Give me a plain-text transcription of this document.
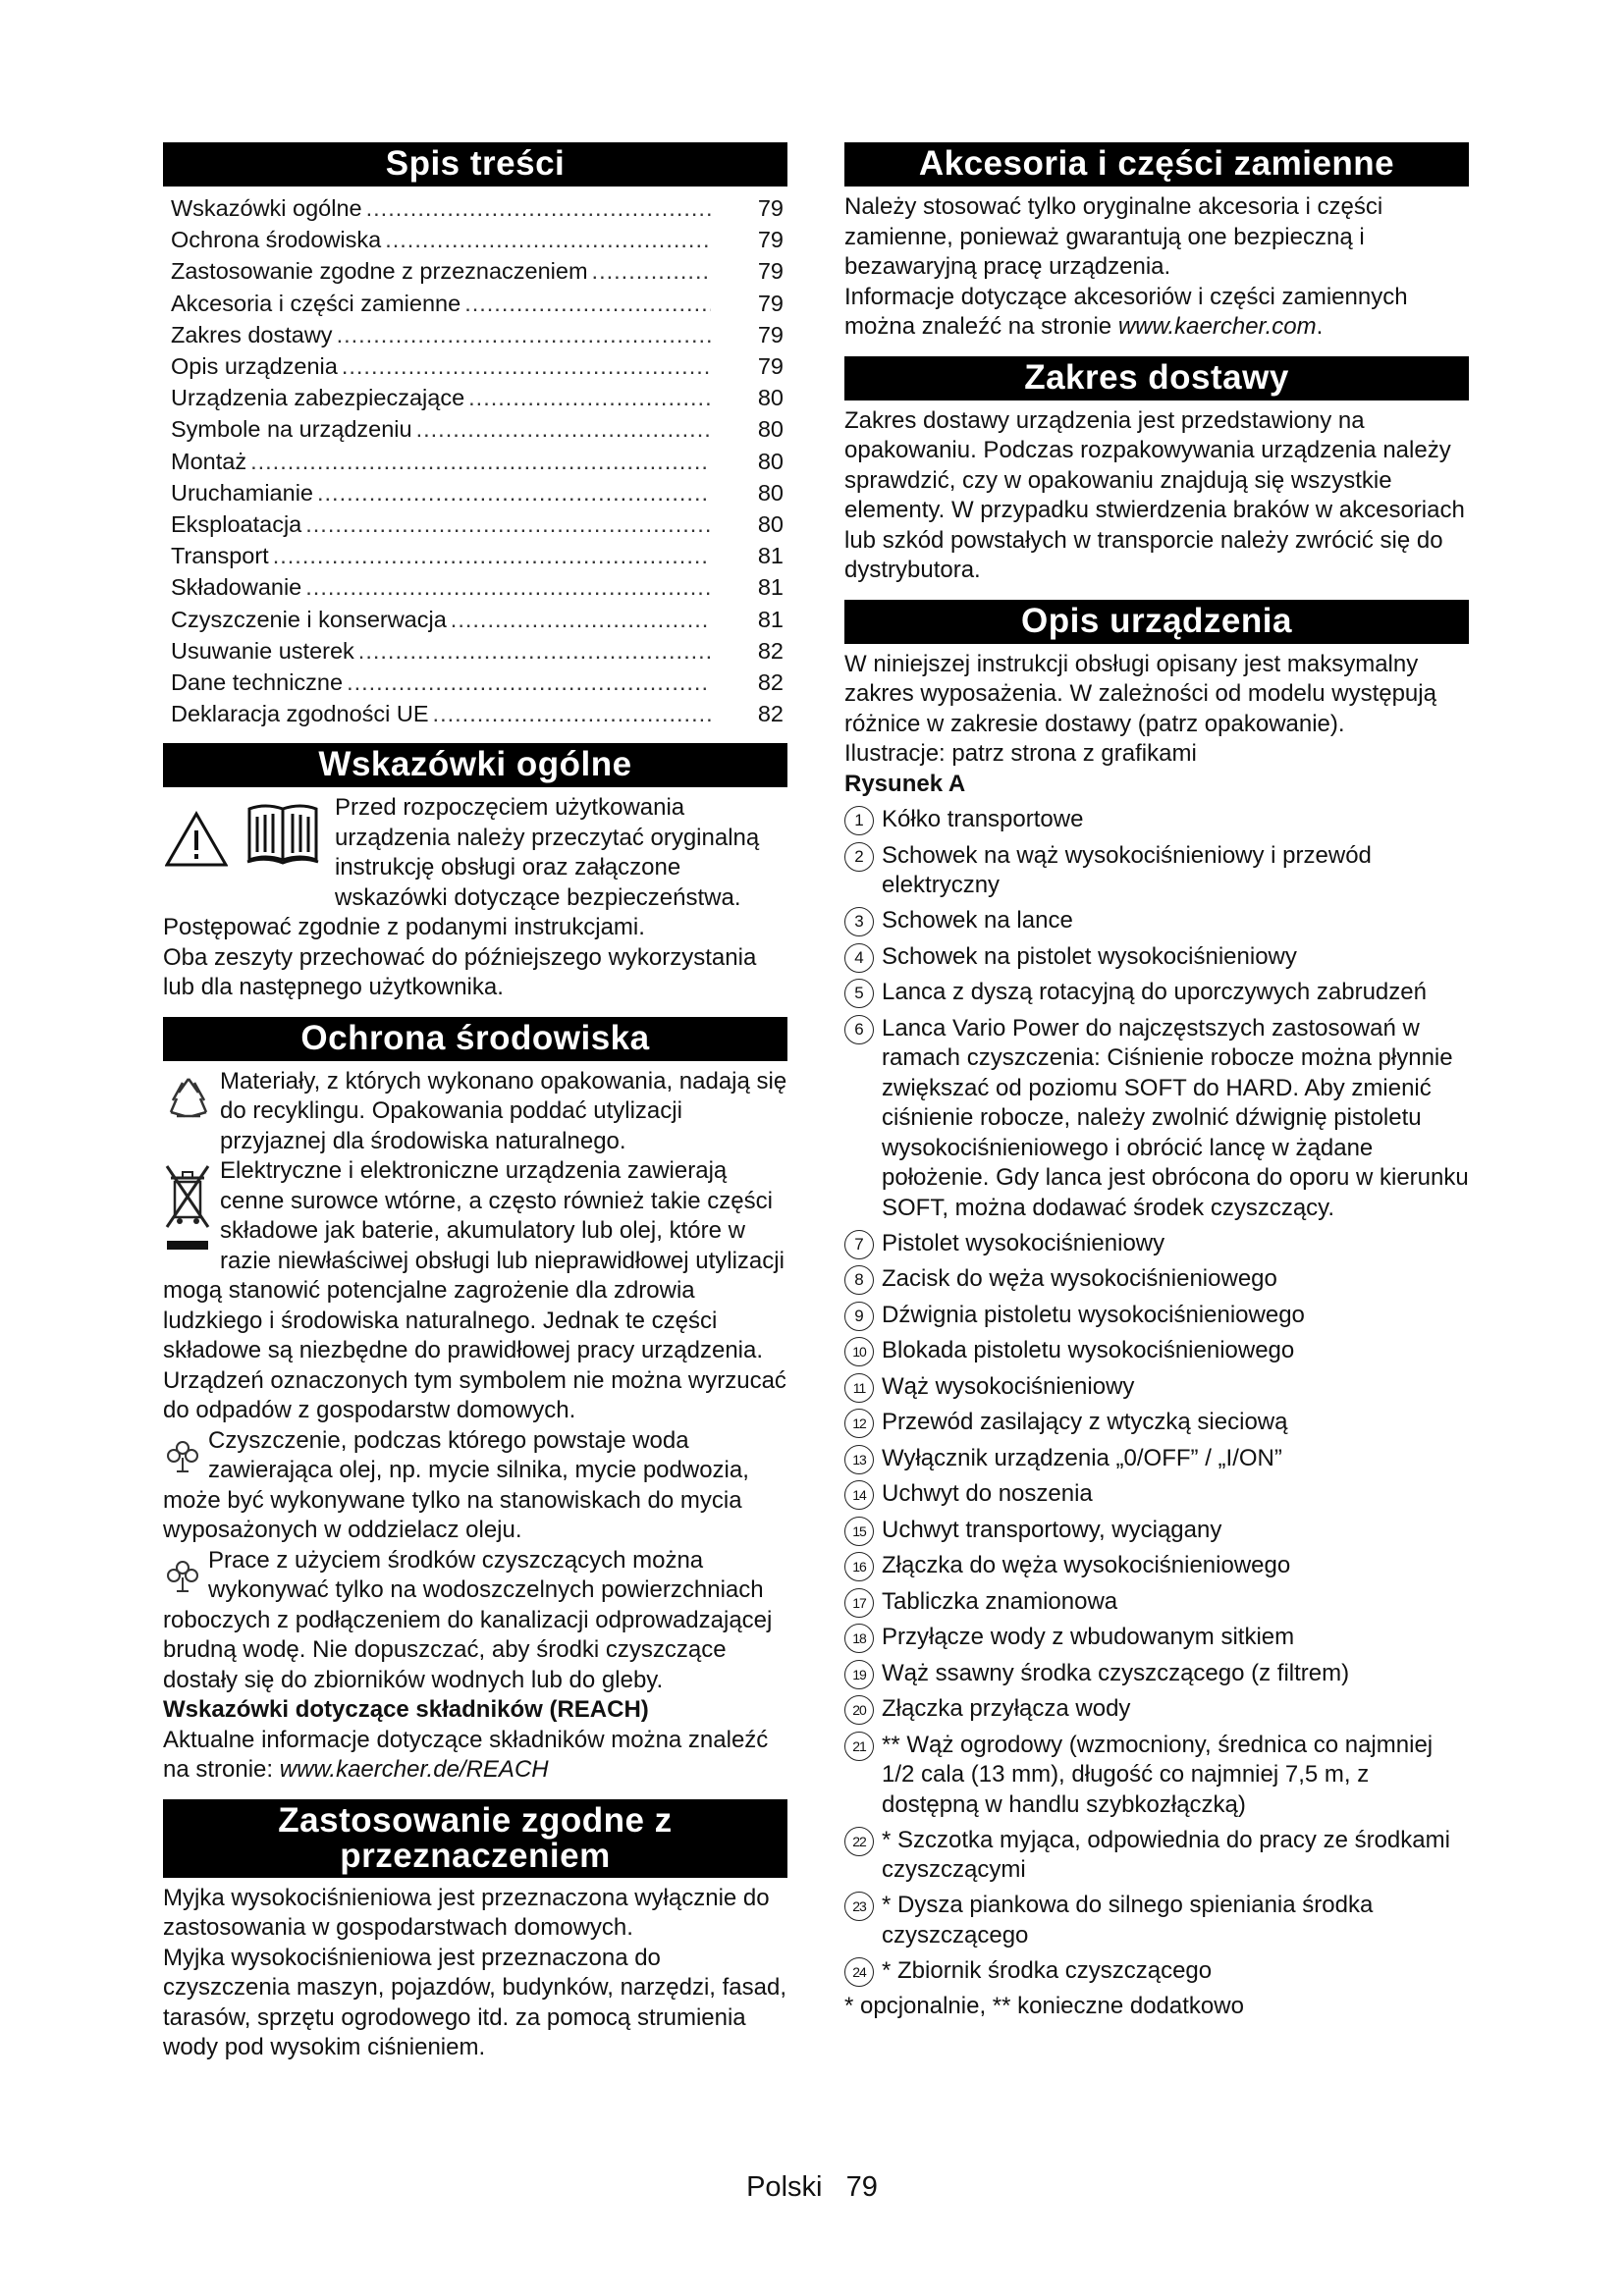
Spis treści
Wskazówki ogólne .....	79
Ochrona środowiska .....	79
Zastosowanie zgodne z przeznaczeniem .....	79
Akcesoria i części zamienne .....	79
Zakres dostawy .....	79
Opis urządzenia .....	79
Urządzenia zabezpieczające .....	80
Symbole na urządzeniu .....	80
Montaż .....	80
Uruchamianie .....	80
Eksploatacja .....	80
Transport .....	81
Składowanie .....	81
Czyszczenie i konserwacja .....	81
Usuwanie usterek .....	82
Dane techniczne .....	82
Deklaracja zgodności UE .....	82
Wskazówki ogólne
Przed rozpoczęciem użytkowania urządzenia należy przeczytać oryginalną instrukcję obsługi oraz załączone wskazówki dotyczące bezpieczeństwa. Postępować zgodnie z podanymi instrukcjami.
Oba zeszyty przechować do późniejszego wykorzystania lub dla następnego użytkownika.
Ochrona środowiska
Materiały, z których wykonano opakowania, nadają się do recyklingu. Opakowania poddać utylizacji przyjaznej dla środowiska naturalnego.
Elektryczne i elektroniczne urządzenia zawierają cenne surowce wtórne, a często również takie części składowe jak baterie, akumulatory lub olej, które w razie niewłaściwej obsługi lub nieprawidłowej utylizacji mogą stanowić potencjalne zagrożenie dla zdrowia ludzkiego i środowiska naturalnego. Jednak te części składowe są niezbędne do prawidłowej pracy urządzenia. Urządzeń oznaczonych tym symbolem nie można wyrzucać do odpadów z gospodarstw domowych.
Czyszczenie, podczas którego powstaje woda zawierająca olej, np. mycie silnika, mycie podwozia, może być wykonywane tylko na stanowiskach do mycia wyposażonych w oddzielacz oleju.
Prace z użyciem środków czyszczących można wykonywać tylko na wodoszczelnych powierzchniach roboczych z podłączeniem do kanalizacji odprowadzającej brudną wodę. Nie dopuszczać, aby środki czyszczące dostały się do zbiorników wodnych lub do gleby.
Wskazówki dotyczące składników (REACH)
Aktualne informacje dotyczące składników można znaleźć na stronie: www.kaercher.de/REACH
Zastosowanie zgodne z
przeznaczeniem

Myjka wysokociśnieniowa jest przeznaczona wyłącznie do zastosowania w gospodarstwach domowych.

Myjka wysokociśnieniowa jest przeznaczona do czyszczenia maszyn, pojazdów, budynków, narzędzi, fasad, tarasów, sprzętu ogrodowego itd. za pomocą strumienia wody pod wysokim ciśnieniem.

Akcesoria i części zamienne

Należy stosować tylko oryginalne akcesoria i części zamienne, ponieważ gwarantują one bezpieczną i bezawaryjną pracę urządzenia.

Informacje dotyczące akcesoriów i części zamiennych można znaleźć na stronie www.kaercher.com.

Zakres dostawy

Zakres dostawy urządzenia jest przedstawiony na opakowaniu. Podczas rozpakowywania urządzenia należy sprawdzić, czy w opakowaniu znajdują się wszystkie elementy. W przypadku stwierdzenia braków w akcesoriach lub szkód powstałych w transporcie należy zwrócić się do dystrybutora.

Opis urządzenia

W niniejszej instrukcji obsługi opisany jest maksymalny zakres wyposażenia. W zależności od modelu występują różnice w zakresie dostawy (patrz opakowanie).

Ilustracje: patrz strona z grafikami

Rysunek A

1 Kółko transportowe
2 Schowek na wąż wysokociśnieniowy i przewód elektryczny
3 Schowek na lance
4 Schowek na pistolet wysokociśnieniowy
5 Lanca z dyszą rotacyjną do uporczywych zabrudzeń
6 Lanca Vario Power do najczęstszych zastosowań w ramach czyszczenia: Ciśnienie robocze można płynnie zwiększać od poziomu SOFT do HARD. Aby zmienić ciśnienie robocze, należy zwolnić dźwignię pistoletu wysokociśnieniowego i obrócić lancę w żądane położenie. Gdy lanca jest obrócona do oporu w kierunku SOFT, można dodawać środek czyszczący.
7 Pistolet wysokociśnieniowy
8 Zacisk do węża wysokociśnieniowego
9 Dźwignia pistoletu wysokociśnieniowego
10 Blokada pistoletu wysokociśnieniowego
11 Wąż wysokociśnieniowy
12 Przewód zasilający z wtyczką sieciową
13 Wyłącznik urządzenia „0/OFF” / „I/ON”
14 Uchwyt do noszenia
15 Uchwyt transportowy, wyciągany
16 Złączka do węża wysokociśnieniowego
17 Tabliczka znamionowa
18 Przyłącze wody z wbudowanym sitkiem
19 Wąż ssawny środka czyszczącego (z filtrem)
20 Złączka przyłącza wody
21 ** Wąż ogrodowy (wzmocniony, średnica co najmniej 1/2 cala (13 mm), długość co najmniej 7,5 m, z dostępną w handlu szybkozłączką)
22 * Szczotka myjąca, odpowiednia do pracy ze środkami czyszczącymi
23 * Dysza piankowa do silnego spieniania środka czyszczącego
24 * Zbiornik środka czyszczącego

* opcjonalnie, ** konieczne dodatkowo

Polski 79
